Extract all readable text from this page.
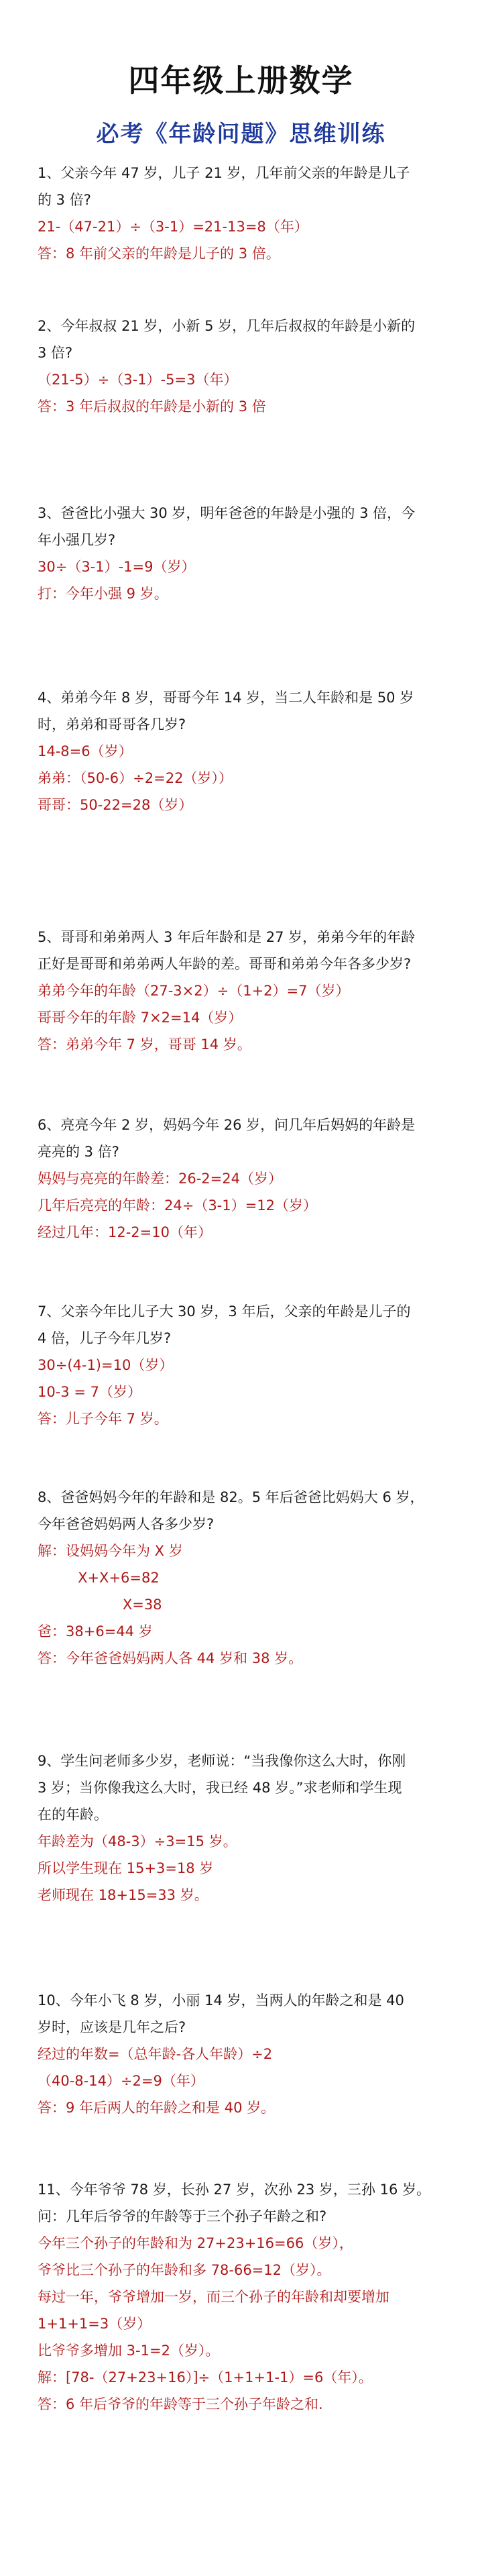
四年级上册数学
必考《年龄问题》思维训练

1、父亲今年 47 岁，儿子 21 岁，几年前父亲的年龄是儿子

的 3 倍?

21-（47-21）÷（3-1）=21-13=8（年）

答：8 年前父亲的年龄是儿子的 3 倍。

2、今年叔叔 21 岁，小新 5 岁，几年后叔叔的年龄是小新的

3 倍?

（21-5）÷（3-1）-5=3（年）

答：3 年后叔叔的年龄是小新的 3 倍

3、爸爸比小强大 30 岁，明年爸爸的年龄是小强的 3 倍，今

年小强几岁?

30÷（3-1）-1=9（岁）

打：今年小强 9 岁。

4、弟弟今年 8 岁，哥哥今年 14 岁，当二人年龄和是 50 岁

时，弟弟和哥哥各几岁?

14-8=6（岁）

弟弟：（50-6）÷2=22（岁））

哥哥：50-22=28（岁）

5、哥哥和弟弟两人 3 年后年龄和是 27 岁，弟弟今年的年龄

正好是哥哥和弟弟两人年龄的差。哥哥和弟弟今年各多少岁?

弟弟今年的年龄（27-3×2）÷（1+2）=7（岁）

哥哥今年的年龄 7×2=14（岁）

答：弟弟今年 7 岁，哥哥 14 岁。

6、亮亮今年 2 岁，妈妈今年 26 岁，问几年后妈妈的年龄是

亮亮的 3 倍?

妈妈与亮亮的年龄差：26-2=24（岁）

几年后亮亮的年龄：24÷（3-1）=12（岁）

经过几年：12-2=10（年）

7、父亲今年比儿子大 30 岁，3 年后，父亲的年龄是儿子的

4 倍，儿子今年几岁?

30÷(4-1)=10（岁）

10-3 = 7（岁）

答：儿子今年 7 岁。

8、爸爸妈妈今年的年龄和是 82。5 年后爸爸比妈妈大 6 岁，

今年爸爸妈妈两人各多少岁?

解：设妈妈今年为 X 岁

X+X+6=82

X=38

爸：38+6=44 岁

答：今年爸爸妈妈两人各 44 岁和 38 岁。

9、学生问老师多少岁，老师说：“当我像你这么大时，你刚

3 岁；当你像我这么大时，我已经 48 岁。”求老师和学生现

在的年龄。

年龄差为（48-3）÷3=15 岁。

所以学生现在 15+3=18 岁

老师现在 18+15=33 岁。

10、今年小飞 8 岁，小丽 14 岁，当两人的年龄之和是 40

岁时，应该是几年之后?

经过的年数=（总年龄-各人年龄）÷2

（40-8-14）÷2=9（年）

答：9 年后两人的年龄之和是 40 岁。

11、今年爷爷 78 岁，长孙 27 岁，次孙 23 岁，三孙 16 岁。

问：几年后爷爷的年龄等于三个孙子年龄之和?

今年三个孙子的年龄和为 27+23+16=66（岁），

爷爷比三个孙子的年龄和多 78-66=12（岁）。

每过一年，爷爷增加一岁，而三个孙子的年龄和却要增加

1+1+1=3（岁）

比爷爷多增加 3-1=2（岁）。

解：[78-（27+23+16）]÷（1+1+1-1）=6（年）。

答：6 年后爷爷的年龄等于三个孙子年龄之和.
